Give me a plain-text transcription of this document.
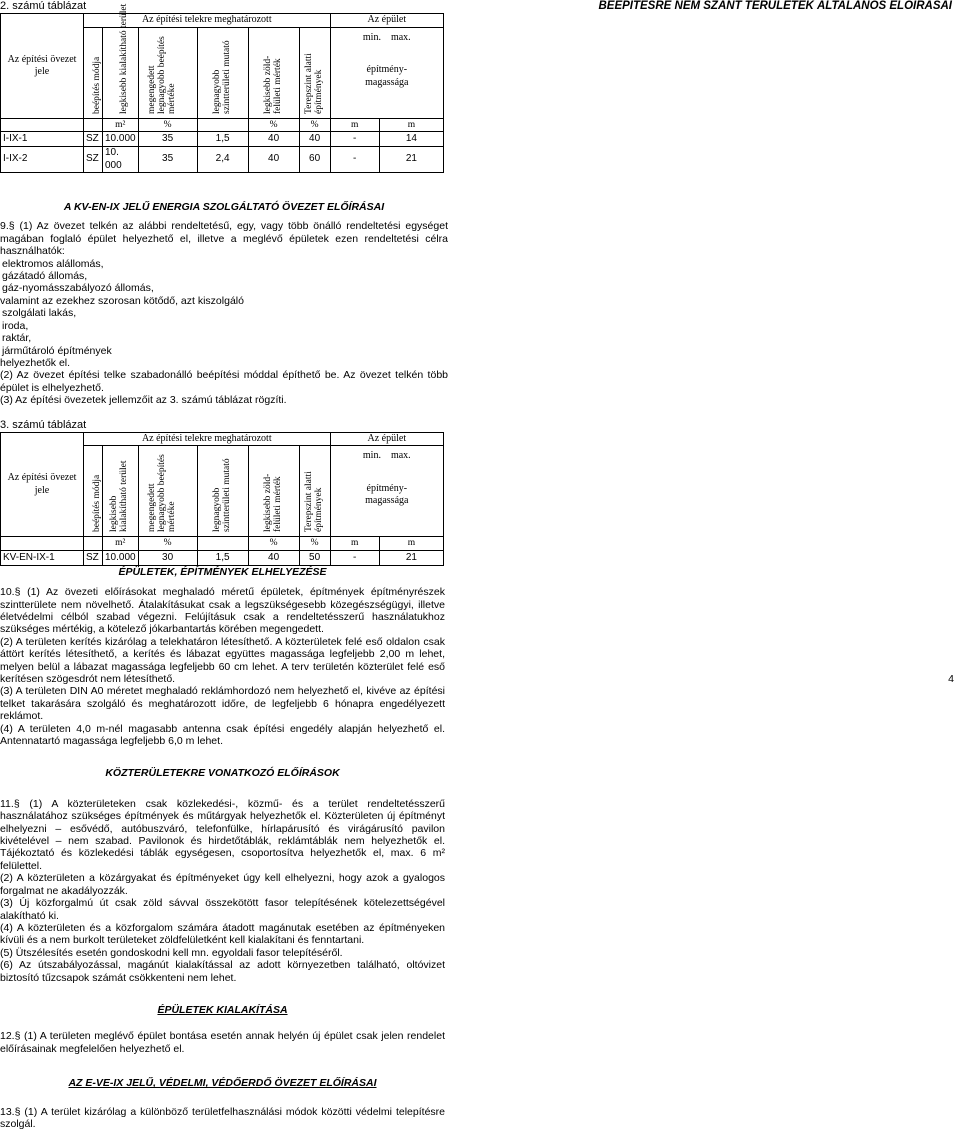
BEÉPÍTÉSRE NEM SZÁNT TERÜLETEK ÁLTALÁNOS ELŐÍRÁSAI

2. számú táblázat

Az építési övezet jele	Az építési telekre meghatározott						Az épület	

	beépítés módja	legkisebb kialakítható terület	megengedett legnagyobb beépítés mértéke	legnagyobb szintterületi mutató	legkisebb zöld-felületi mérték	Terepszint alatti építmények	min. max.
építmény-magassága	

		m²	%		%	%	m	m
I-IX-1	SZ	10.000	35	1,5	40	40	-	14
I-IX-2	SZ	10. 000	35	2,4	40	60	-	21

A KV-EN-IX JELŰ ENERGIA SZOLGÁLTATÓ ÖVEZET ELŐÍRÁSAI

9.§ (1) Az övezet telkén az alábbi rendeltetésű, egy, vagy több önálló rendeltetési egységet magában foglaló épület helyezhető el, illetve a meglévő épületek ezen rendeltetési célra használhatók:

elektromos alállomás,

gázátadó állomás,

gáz-nyomásszabályozó állomás,

valamint az ezekhez szorosan kötődő, azt kiszolgáló

szolgálati lakás,

iroda,

raktár,

járműtároló építmények

helyezhetők el.

(2) Az övezet építési telke szabadonálló beépítési móddal építhető be. Az övezet telkén több épület is elhelyezhető.

(3) Az építési övezetek jellemzőit az 3. számú táblázat rögzíti.

3. számú táblázat

Az építési övezet jele	Az építési telekre meghatározott						Az épület	

	beépítés módja	legkisebb kialakítható terület	megengedett legnagyobb beépítés mértéke	legnagyobb szintterületi mutató	legkisebb zöld-felületi mérték	Terepszint alatti építmények	min. max.
építmény-magassága	

		m²	%		%	%	m	m
KV-EN-IX-1	SZ	10.000	30	1,5	40	50	-	21

ÉPÜLETEK, ÉPÍTMÉNYEK ELHELYEZÉSE

10.§ (1) Az övezeti előírásokat meghaladó méretű épületek, építmények építményrészek szintterülete nem növelhető. Átalakításukat csak a legszükségesebb közegészségügyi, illetve életvédelmi célból szabad végezni. Felújításuk csak a rendeltetésszerű használatukhoz szükséges mértékig, a kötelező jókarbantartás körében megengedett.

(2) A területen kerítés kizárólag a telekhatáron létesíthető. A közterületek felé eső oldalon csak áttört kerítés létesíthető, a kerítés és lábazat együttes magassága legfeljebb 2,00 m lehet, melyen belül a lábazat magassága legfeljebb 60 cm lehet. A terv területén közterület felé eső kerítésen szögesdrót nem létesíthető.

(3) A területen DIN A0 méretet meghaladó reklámhordozó nem helyezhető el, kivéve az építési telket takarására szolgáló és meghatározott időre, de legfeljebb 6 hónapra engedélyezett reklámot.

(4) A területen 4,0 m-nél magasabb antenna csak építési engedély alapján helyezhető el. Antennatartó magassága legfeljebb 6,0 m lehet.

KÖZTERÜLETEKRE VONATKOZÓ ELŐÍRÁSOK

11.§ (1) A közterületeken csak közlekedési-, közmű- és a terület rendeltetésszerű használatához szükséges építmények és műtárgyak helyezhetők el. Közterületen új építményt elhelyezni – esővédő, autóbuszváró, telefonfülke, hírlapárusító és virágárusító pavilon kivételével – nem szabad. Pavilonok és hirdetőtáblák, reklámtáblák nem helyezhetők el. Tájékoztató és közlekedési táblák egységesen, csoportosítva helyezhetők el, max. 6 m² felülettel.

(2) A közterületen a közárgyakat és építményeket úgy kell elhelyezni, hogy azok a gyalogos forgalmat ne akadályozzák.

(3) Új közforgalmú út csak zöld sávval összekötött fasor telepítésének kötelezettségével alakítható ki.

(4) A közterületen és a közforgalom számára átadott magánutak esetében az építményeken kívüli és a nem burkolt területeket zöldfelületként kell kialakítani és fenntartani.

(5) Ütszélesítés esetén gondoskodni kell mn. egyoldali fasor telepítéséről.

(6) Az útszabályozással, magánút kialakítással az adott környezetben található, oltóvizet biztosító tűzcsapok számát csökkenteni nem lehet.

ÉPÜLETEK KIALAKÍTÁSA

12.§ (1) A területen meglévő épület bontása esetén annak helyén új épület csak jelen rendelet előírásainak megfelelően helyezhető el.

AZ E-VE-IX JELŰ, VÉDELMI, VÉDŐERDŐ ÖVEZET ELŐÍRÁSAI

13.§ (1) A terület kizárólag a különböző területfelhasználási módok közötti védelmi telepítésre szolgál.

4
